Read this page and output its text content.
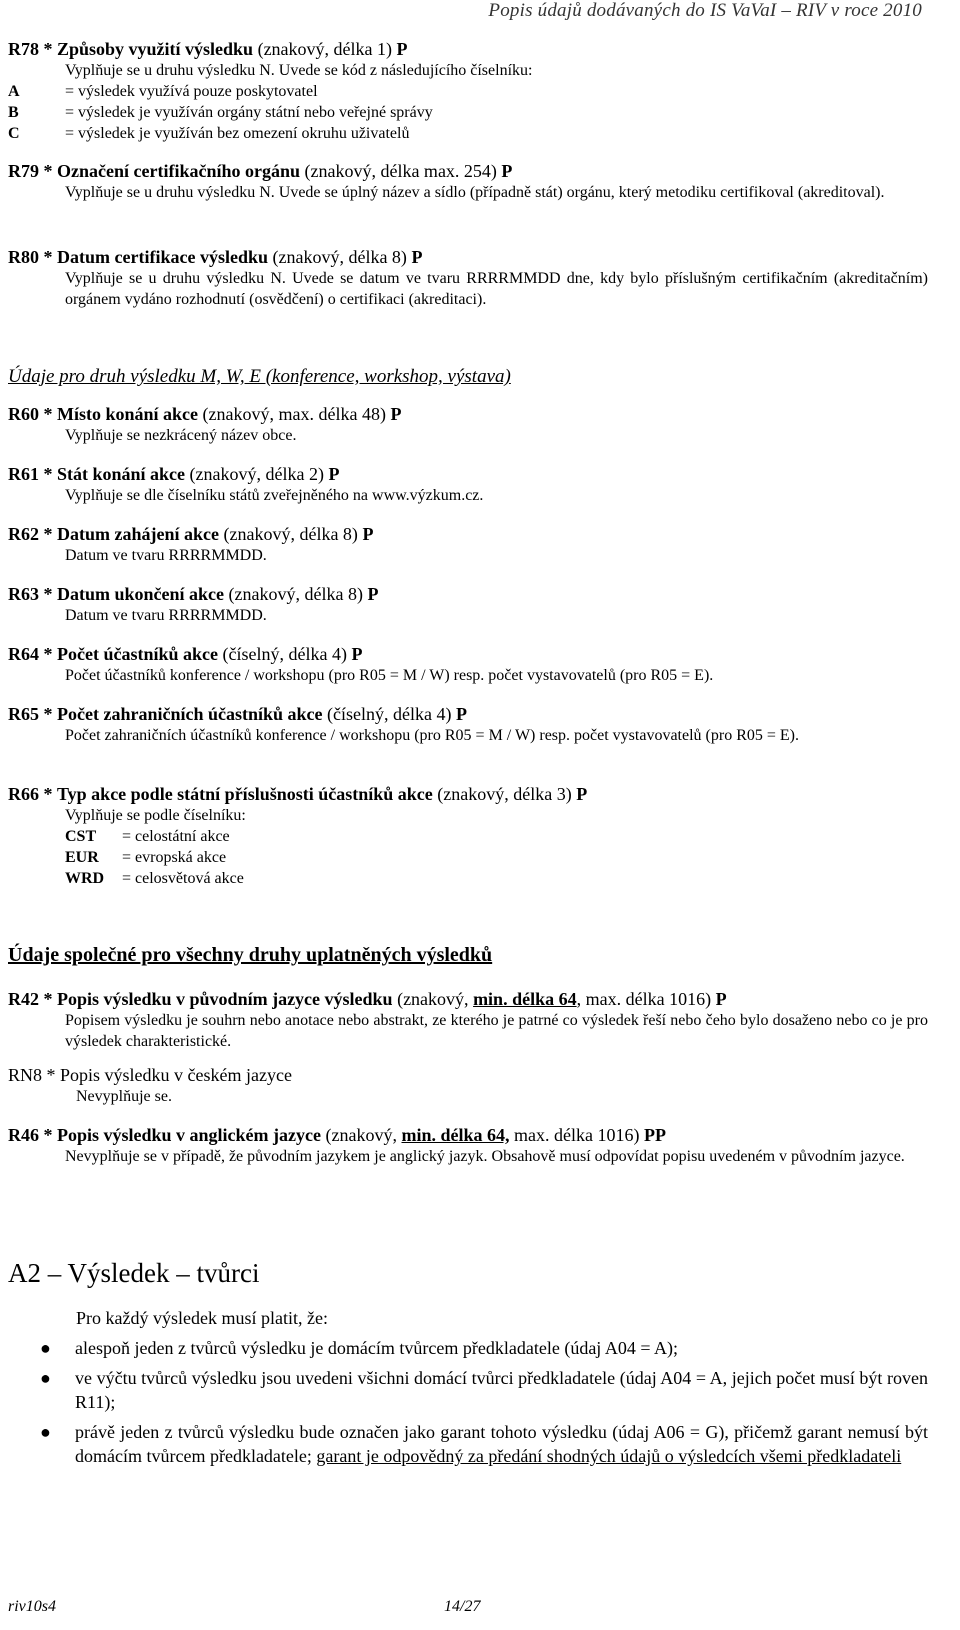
Popis údajů dodávaných do IS VaVaI – RIV v roce 2010
R78 * Způsoby využití výsledku (znakový, délka 1) P
Vyplňuje se u druhu výsledku N. Uvede se kód z následujícího číselníku:
A	= výsledek využívá pouze poskytovatel
B	= výsledek je využíván orgány státní nebo veřejné správy
C	= výsledek je využíván bez omezení okruhu uživatelů
R79 * Označení certifikačního orgánu (znakový, délka max. 254) P
Vyplňuje se u druhu výsledku N. Uvede se úplný název a sídlo (případně stát) orgánu, který metodiku certifikoval (akreditoval).
R80 * Datum certifikace výsledku (znakový, délka 8) P
Vyplňuje se u druhu výsledku N. Uvede se datum ve tvaru RRRRMMDD dne, kdy bylo příslušným certifikačním (akreditačním) orgánem vydáno rozhodnutí (osvědčení) o certifikaci (akreditaci).
Údaje pro druh výsledku M, W, E (konference, workshop, výstava)
R60 * Místo konání akce (znakový, max. délka 48) P
Vyplňuje se nezkrácený název obce.
R61 * Stát konání akce (znakový, délka 2) P
Vyplňuje se dle číselníku států zveřejněného na www.výzkum.cz.
R62 * Datum zahájení akce (znakový, délka 8) P
Datum ve tvaru RRRRMMDD.
R63 * Datum ukončení akce (znakový, délka 8) P
Datum ve tvaru RRRRMMDD.
R64 * Počet účastníků akce (číselný, délka 4) P
Počet účastníků konference / workshopu (pro R05 = M / W) resp. počet vystavovatelů (pro R05 = E).
R65 * Počet zahraničních účastníků akce (číselný, délka 4) P
Počet zahraničních účastníků konference / workshopu (pro R05 = M / W) resp. počet vystavovatelů (pro R05 = E).
R66 * Typ akce podle státní příslušnosti účastníků akce (znakový, délka 3) P
Vyplňuje se podle číselníku:
CST	= celostátní akce
EUR	= evropská akce
WRD	= celosvětová akce
Údaje společné pro všechny druhy uplatněných výsledků
R42 * Popis výsledku v původním jazyce výsledku (znakový, min. délka 64, max. délka 1016) P
Popisem výsledku je souhrn nebo anotace nebo abstrakt, ze kterého je patrné co výsledek řeší nebo čeho bylo dosaženo nebo co je pro výsledek charakteristické.
RN8 * Popis výsledku v českém jazyce
Nevyplňuje se.
R46 * Popis výsledku v anglickém jazyce (znakový, min. délka 64, max. délka 1016) PP
Nevyplňuje se v případě, že původním jazykem je anglický jazyk. Obsahově musí odpovídat popisu uvedeném v původním jazyce.
A2 – Výsledek – tvůrci
Pro každý výsledek musí platit, že:
●	alespoň jeden z tvůrců výsledku je domácím tvůrcem předkladatele (údaj A04 = A);
●	ve výčtu tvůrců výsledku jsou uvedeni všichni domácí tvůrci předkladatele (údaj A04 = A, jejich počet musí být roven R11);
●	právě jeden z tvůrců výsledku bude označen jako garant tohoto výsledku (údaj A06 = G), přičemž garant nemusí být domácím tvůrcem předkladatele; garant je odpovědný za předání shodných údajů o výsledcích všemi předkladateli
riv10s4	14/27
